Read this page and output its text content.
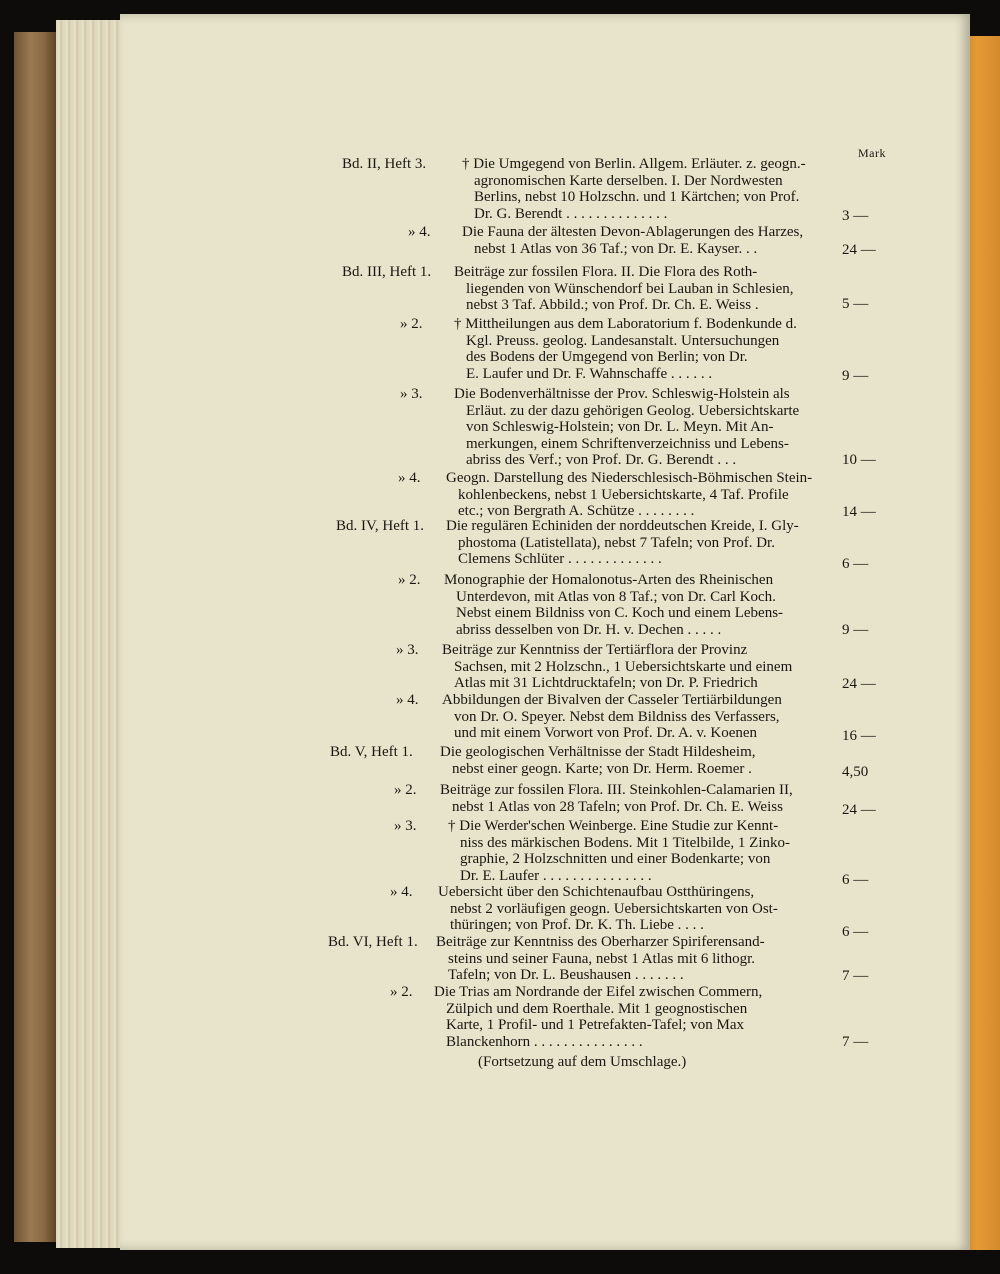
Mark
Bd. II, Heft 3. † Die Umgegend von Berlin. Allgem. Erläuter. z. geogn.-

agronomischen Karte derselben. I. Der Nordwesten

Berlins, nebst 10 Holzschn. und 1 Kärtchen; von Prof.

Dr. G. Berendt . . . . . . . . . . . . . .	3 —
» 4. Die Fauna der ältesten Devon-Ablagerungen des Harzes,

nebst 1 Atlas von 36 Taf.; von Dr. E. Kayser. . .	24 —
Bd. III, Heft 1. Beiträge zur fossilen Flora. II. Die Flora des Roth-

liegenden von Wünschendorf bei Lauban in Schlesien,

nebst 3 Taf. Abbild.; von Prof. Dr. Ch. E. Weiss .	5 —
» 2. † Mittheilungen aus dem Laboratorium f. Bodenkunde d.

Kgl. Preuss. geolog. Landesanstalt. Untersuchungen

des Bodens der Umgegend von Berlin; von Dr.

E. Laufer und Dr. F. Wahnschaffe . . . . . .	9 —
» 3. Die Bodenverhältnisse der Prov. Schleswig-Holstein als

Erläut. zu der dazu gehörigen Geolog. Uebersichtskarte

von Schleswig-Holstein; von Dr. L. Meyn. Mit An-

merkungen, einem Schriftenverzeichniss und Lebens-

abriss des Verf.; von Prof. Dr. G. Berendt . . .	10 —
» 4. Geogn. Darstellung des Niederschlesisch-Böhmischen Stein-

kohlenbeckens, nebst 1 Uebersichtskarte, 4 Taf. Profile

etc.; von Bergrath A. Schütze . . . . . . . .	14 —
Bd. IV, Heft 1. Die regulären Echiniden der norddeutschen Kreide, I. Gly-

phostoma (Latistellata), nebst 7 Tafeln; von Prof. Dr.

Clemens Schlüter . . . . . . . . . . . . .	6 —
» 2. Monographie der Homalonotus-Arten des Rheinischen

Unterdevon, mit Atlas von 8 Taf.; von Dr. Carl Koch.

Nebst einem Bildniss von C. Koch und einem Lebens-

abriss desselben von Dr. H. v. Dechen . . . . .	9 —
» 3. Beiträge zur Kenntniss der Tertiärflora der Provinz

Sachsen, mit 2 Holzschn., 1 Uebersichtskarte und einem

Atlas mit 31 Lichtdrucktafeln; von Dr. P. Friedrich	24 —
» 4. Abbildungen der Bivalven der Casseler Tertiärbildungen

von Dr. O. Speyer. Nebst dem Bildniss des Verfassers,

und mit einem Vorwort von Prof. Dr. A. v. Koenen	16 —
Bd. V, Heft 1. Die geologischen Verhältnisse der Stadt Hildesheim,

nebst einer geogn. Karte; von Dr. Herm. Roemer .	4,50
» 2. Beiträge zur fossilen Flora. III. Steinkohlen-Calamarien II,

nebst 1 Atlas von 28 Tafeln; von Prof. Dr. Ch. E. Weiss	24 —
» 3. † Die Werder'schen Weinberge. Eine Studie zur Kennt-

niss des märkischen Bodens. Mit 1 Titelbilde, 1 Zinko-

graphie, 2 Holzschnitten und einer Bodenkarte; von

Dr. E. Laufer . . . . . . . . . . . . . . .	6 —
» 4. Uebersicht über den Schichtenaufbau Ostthüringens,

nebst 2 vorläufigen geogn. Uebersichtskarten von Ost-

thüringen; von Prof. Dr. K. Th. Liebe . . . .	6 —
Bd. VI, Heft 1. Beiträge zur Kenntniss des Oberharzer Spiriferensand-

steins und seiner Fauna, nebst 1 Atlas mit 6 lithogr.

Tafeln; von Dr. L. Beushausen . . . . . . .	7 —
» 2. Die Trias am Nordrande der Eifel zwischen Commern,

Zülpich und dem Roerthale. Mit 1 geognostischen

Karte, 1 Profil- und 1 Petrefakten-Tafel; von Max

Blanckenhorn . . . . . . . . . . . . . . .	7 —
(Fortsetzung auf dem Umschlage.)
